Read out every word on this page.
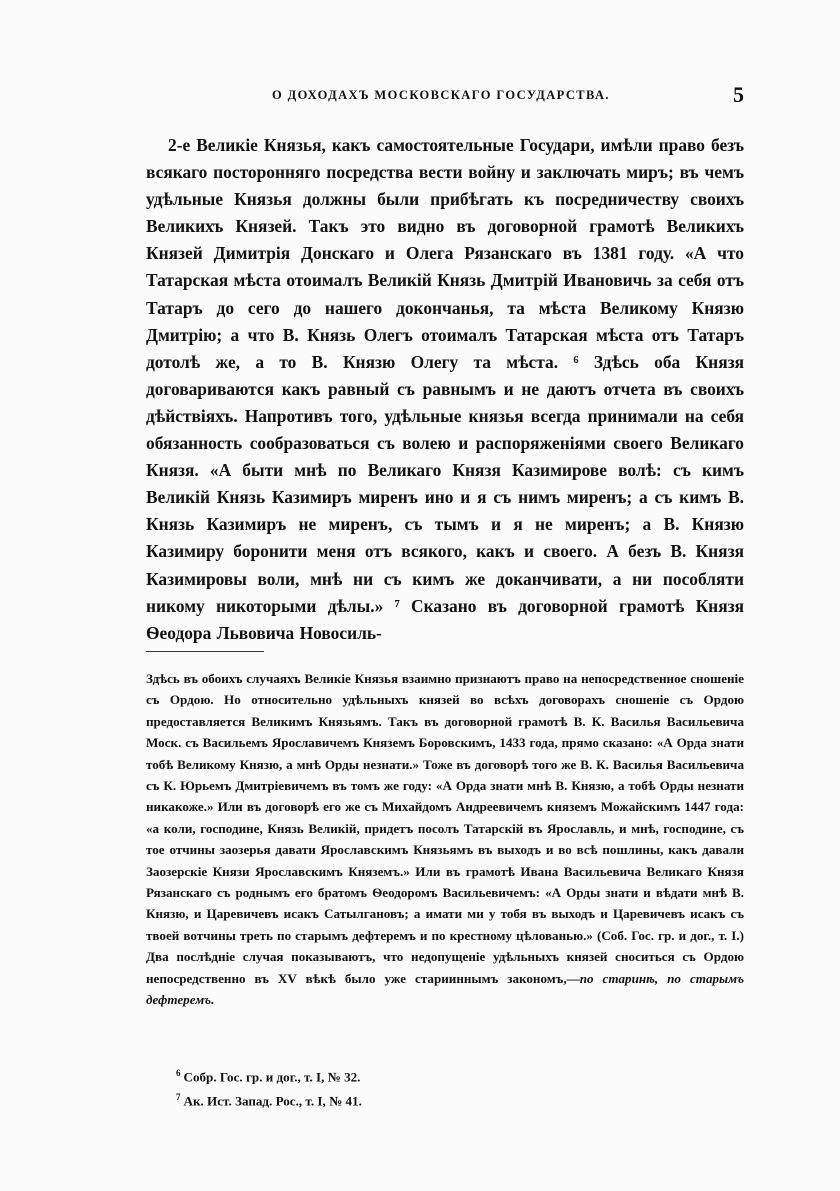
О ДОХОДАХЪ МОСКОВСКАГО ГОСУДАРСТВА.	5

2-е Великіе Князья, какъ самостоятельные Государи, имѣли право безъ всякаго посторонняго посредства вести войну и заключать миръ; въ чемъ удѣльные Князья должны были прибѣгать къ посредничеству своихъ Великихъ Князей. Такъ это видно въ договорной грамотѣ Великихъ Князей Димитрія Донскаго и Олега Рязанскаго въ 1381 году. «А что Татарская мѣста отоималъ Великій Князь Дмитрій Ивановичь за себя отъ Татаръ до сего до нашего докончанья, та мѣста Великому Князю Дмитрію; а что В. Князь Олегъ отоималъ Татарская мѣста отъ Татаръ дотолѣ же, а то В. Князю Олегу та мѣста. ⁶ Здѣсь оба Князя договариваются какъ равный съ равнымъ и не даютъ отчета въ своихъ дѣйствіяхъ. Напротивъ того, удѣльные князья всегда принимали на себя обязанность сообразоваться съ волею и распоряженіями своего Великаго Князя. «А быти мнѣ по Великаго Князя Казимирове волѣ: съ кимъ Великій Князь Казимиръ миренъ ино и я съ нимъ миренъ; а съ кимъ В. Князь Казимиръ не миренъ, съ тымъ и я не миренъ; а В. Князю Казимиру боронити меня отъ всякого, какъ и своего. А безъ В. Князя Казимировы воли, мнѣ ни съ кимъ же доканчивати, а ни пособляти никому никоторыми дѣлы.» ⁷ Сказано въ договорной грамотѣ Князя Ѳеодора Львовича Новосиль-

Здѣсь въ обоихъ случаяхъ Великіе Князья взаимно признаютъ право на непосредственное сношеніе съ Ордою. Но относительно удѣльныхъ князей во всѣхъ договорахъ сношеніе съ Ордою предоставляется Великимъ Князьямъ. Такъ въ договорной грамотѣ В. К. Василья Васильевича Моск. съ Васильемъ Ярославичемъ Княземъ Боровскимъ, 1433 года, прямо сказано: «А Орда знати тобѣ Великому Князю, а мнѣ Орды незнати.» Тоже въ договорѣ того же В. К. Василья Васильевича съ К. Юрьемъ Дмитріевичемъ въ томъ же году: «А Орда знати мнѣ В. Князю, а тобѣ Орды незнати никакоже.» Или въ договорѣ его же съ Михайдомъ Андреевичемъ княземъ Можайскимъ 1447 года: «а коли, господине, Князь Великій, придетъ посолъ Татарскій въ Ярославль, и мнѣ, господине, съ тое отчины заозерья давати Ярославскимъ Князьямъ въ выходъ и во всѣ пошлины, какъ давали Заозерскіе Князи Ярославскимъ Княземъ.» Или въ грамотѣ Ивана Васильевича Великаго Князя Рязанскаго съ роднымъ его братомъ Ѳеодоромъ Васильевичемъ: «А Орды знати и вѣдати мнѣ В. Князю, и Царевичевъ исакъ Сатылгановъ; а имати ми у тобя въ выходъ и Царевичевъ исакъ съ твоей вотчины треть по старымъ дефтеремъ и по крестному цѣлованью.» (Соб. Гос. гр. и дог., т. I.) Два послѣдніе случая показываютъ, что недопущеніе удѣльныхъ князей сноситься съ Ордою непосредственно въ XV вѣкѣ было уже старииннымъ закономъ,—по старинѣ, по старымъ дефтеремъ.

$^6$ Собр. Гос. гр. и дог., т. I, № 32.
$^7$ Ак. Ист. Запад. Рос., т. I, № 41.
